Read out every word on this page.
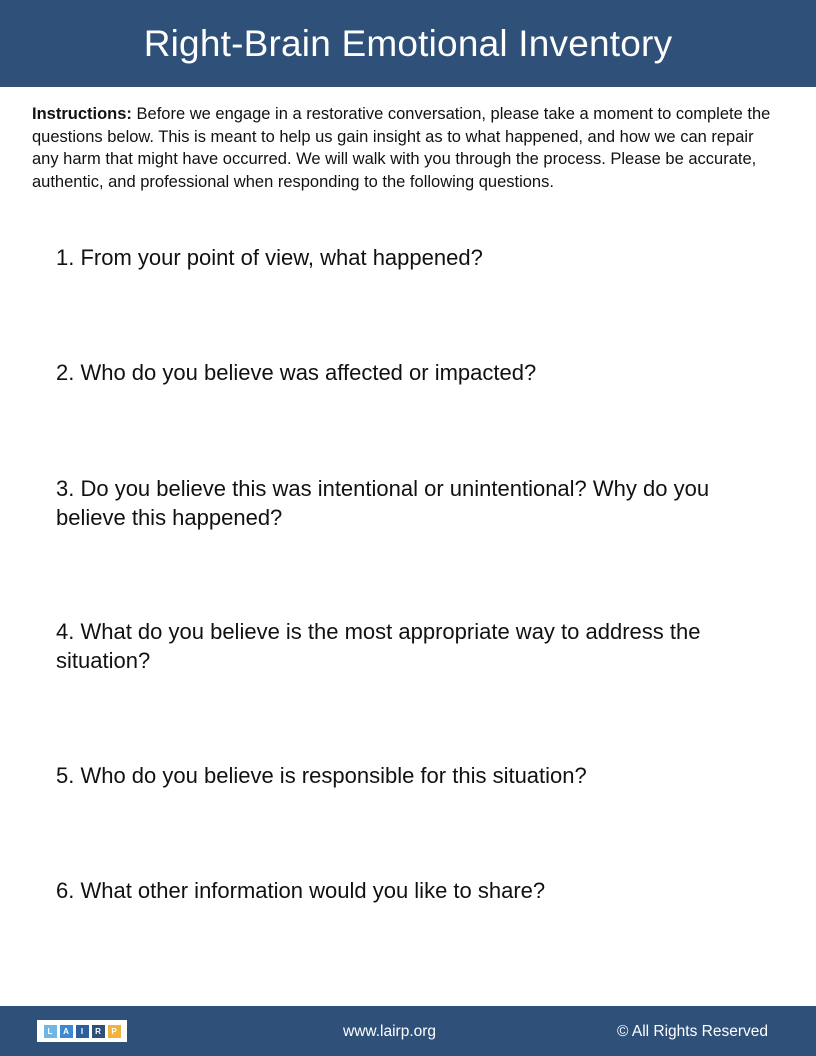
Right-Brain Emotional Inventory
Instructions: Before we engage in a restorative conversation, please take a moment to complete the questions below. This is meant to help us gain insight as to what happened, and how we can repair any harm that might have occurred. We will walk with you through the process. Please be accurate, authentic, and professional when responding to the following questions.
1. From your point of view, what happened?
2. Who do you believe was affected or impacted?
3. Do you believe this was intentional or unintentional? Why do you believe this happened?
4. What do you believe is the most appropriate way to address the situation?
5. Who do you believe is responsible for this situation?
6. What other information would you like to share?
L	A	I	R	P	www.lairp.org	© All Rights Reserved
